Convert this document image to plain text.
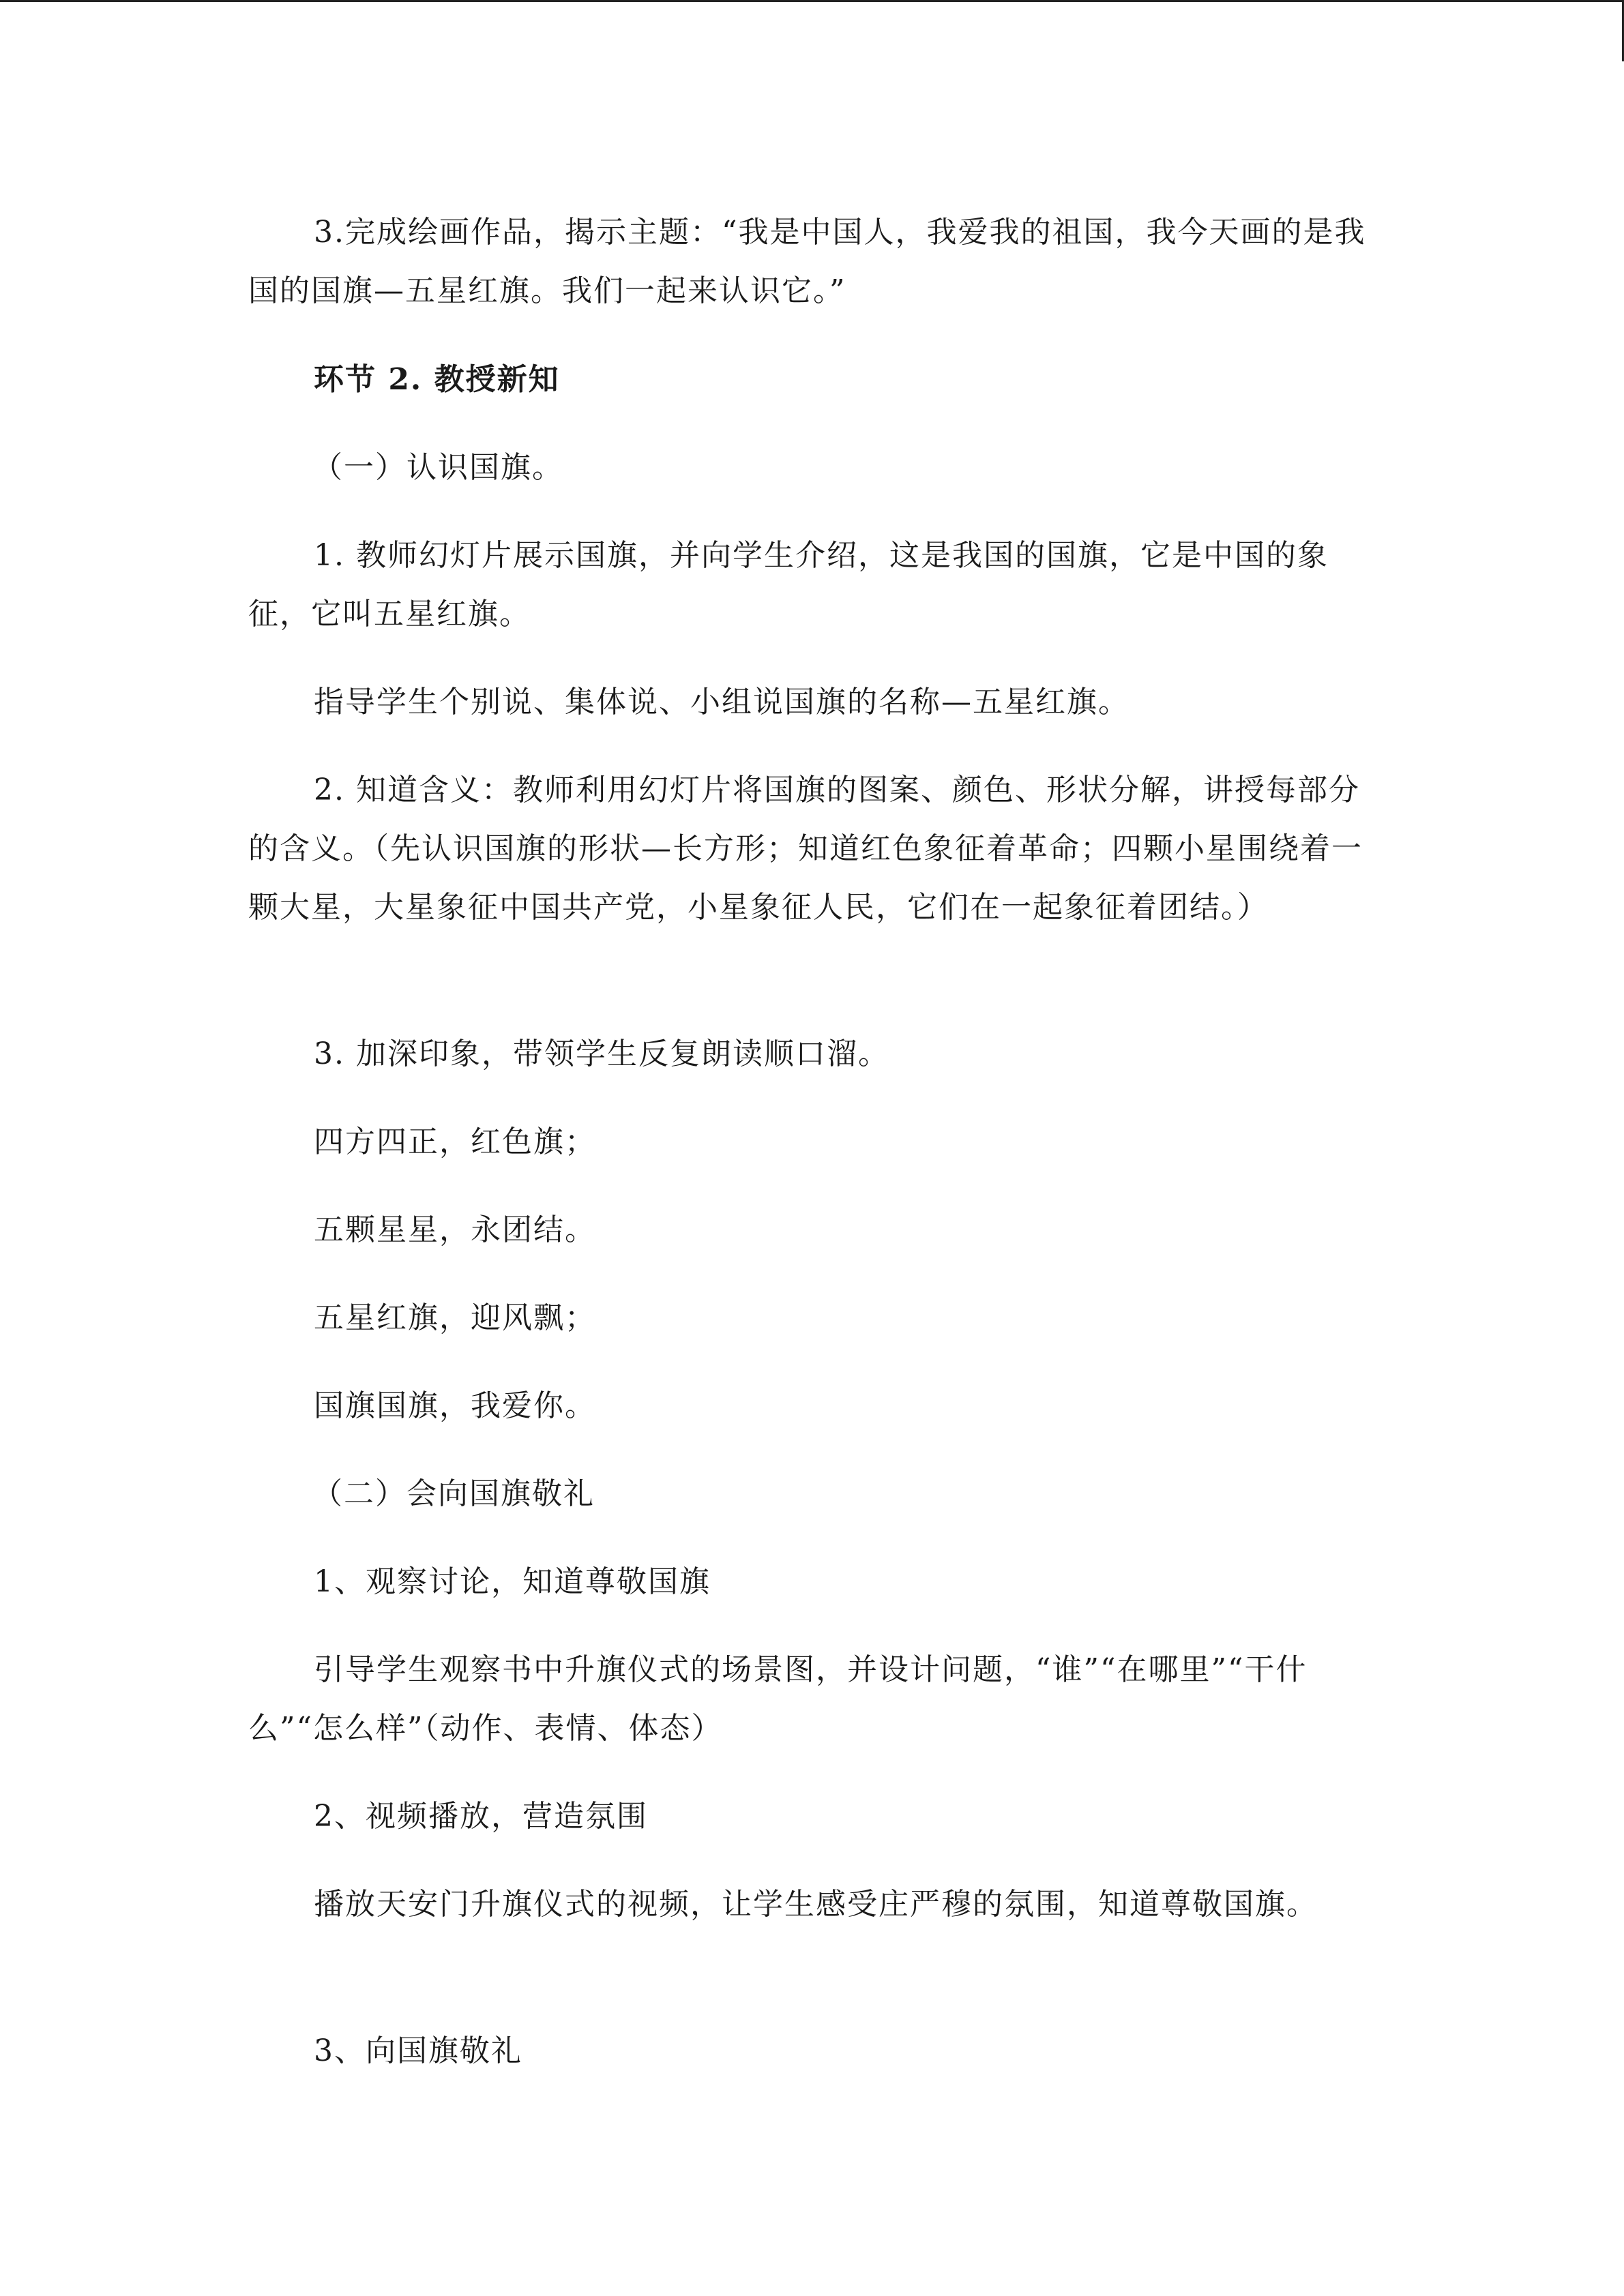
3.完成绘画作品，揭示主题：“我是中国人，我爱我的祖国，我今天画的是我国的国旗—五星红旗。我们一起来认识它。”

环节 2. 教授新知

（一）认识国旗。

1. 教师幻灯片展示国旗，并向学生介绍，这是我国的国旗，它是中国的象征，它叫五星红旗。

指导学生个别说、集体说、小组说国旗的名称—五星红旗。

2. 知道含义：教师利用幻灯片将国旗的图案、颜色、形状分解，讲授每部分的含义。（先认识国旗的形状—长方形；知道红色象征着革命；四颗小星围绕着一颗大星，大星象征中国共产党，小星象征人民，它们在一起象征着团结。）

3. 加深印象，带领学生反复朗读顺口溜。

四方四正，红色旗；

五颗星星，永团结。

五星红旗，迎风飘；

国旗国旗，我爱你。

（二）会向国旗敬礼

1、观察讨论，知道尊敬国旗

引导学生观察书中升旗仪式的场景图，并设计问题，“谁”“在哪里”“干什么”“怎么样”（动作、表情、体态）

2、视频播放，营造氛围

播放天安门升旗仪式的视频，让学生感受庄严穆的氛围，知道尊敬国旗。

3、向国旗敬礼
